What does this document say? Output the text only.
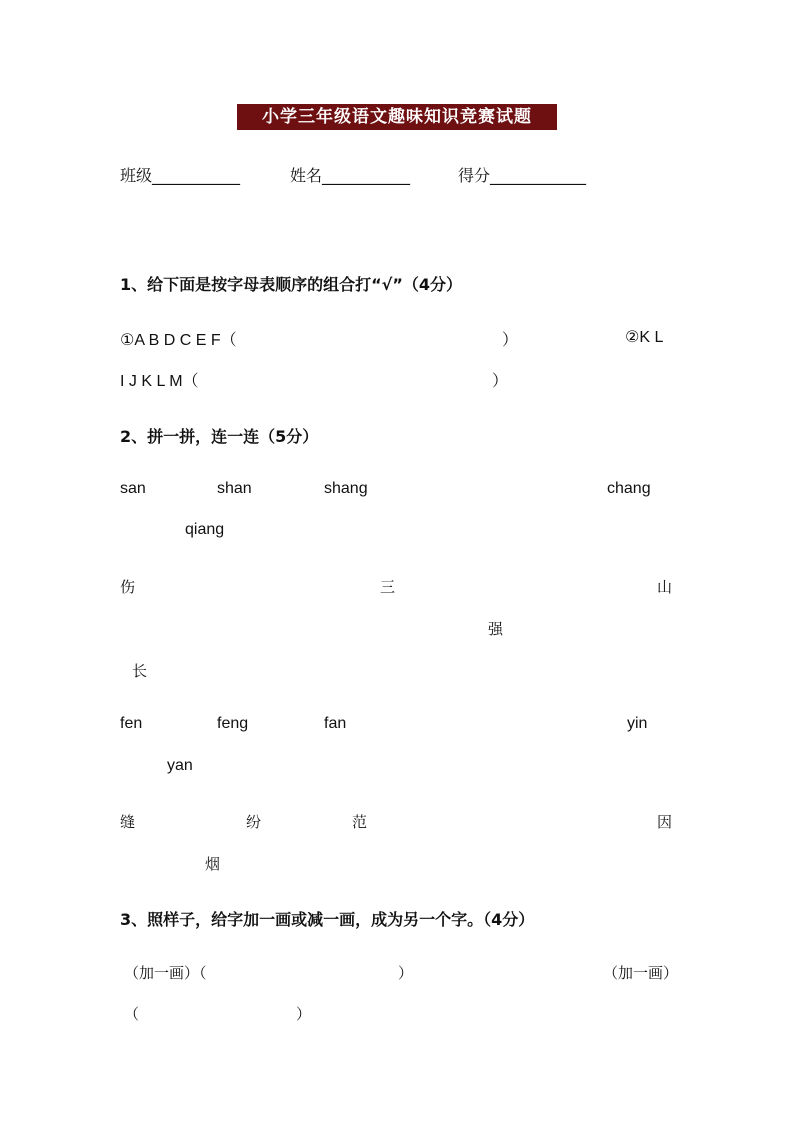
小学三年级语文趣味知识竞赛试题
班级___________	姓名___________	得分____________
1、给下面是按字母表顺序的组合打“√”（4分）
①A B D C E F（	）	②K L
I J K L M（	）
2、拼一拼，连一连（5分）
san	shan	shang	chang
qiang
伤	三	山
强
长
fen	feng	fan	yin
yan
缝	纷	范	因
烟
3、照样子，给字加一画或减一画，成为另一个字。（4分）
（加一画）（	）	（加一画）
（	）
